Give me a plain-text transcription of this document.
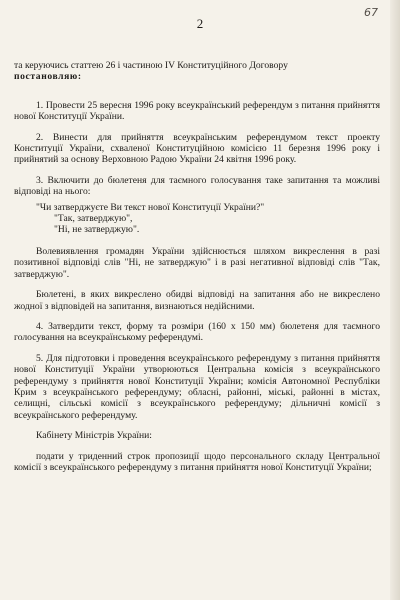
2
67

та керуючись статтею 26 і частиною IV Конституційного Договору

постановляю:

1. Провести 25 вересня 1996 року всеукраїнський референдум з питання прийняття нової Конституції України.

2. Винести для прийняття всеукраїнським референдумом текст проекту Конституції України, схваленої Конституційною комісією 11 березня 1996 року і прийнятий за основу Верховною Радою України 24 квітня 1996 року.

3. Включити до бюлетеня для таємного голосування таке запитання та можливі відповіді на нього:

"Чи затверджуєте Ви текст нової Конституції України?"

"Так, затверджую",

"Ні, не затверджую".

Волевиявлення громадян України здійснюється шляхом викреслення в разі позитивної відповіді слів "Ні, не затверджую" і в разі негативної відповіді слів "Так, затверджую".

Бюлетені, в яких викреслено обидві відповіді на запитання або не викреслено жодної з відповідей на запитання, визнаються недійсними.

4. Затвердити текст, форму та розміри (160 х 150 мм) бюлетеня для таємного голосування на всеукраїнському референдумі.

5. Для підготовки і проведення всеукраїнського референдуму з питання прийняття нової Конституції України утворюються Центральна комісія з всеукраїнського референдуму з прийняття нової Конституції України; комісія Автономної Республіки Крим з всеукраїнського референдуму; обласні, районні, міські, районні в містах, селищні, сільські комісії з всеукраїнського референдуму; дільничні комісії з всеукраїнського референдуму.

Кабінету Міністрів України:

подати у триденний строк пропозиції щодо персонального складу Центральної комісії з всеукраїнського референдуму з питання прийняття нової Конституції України;
